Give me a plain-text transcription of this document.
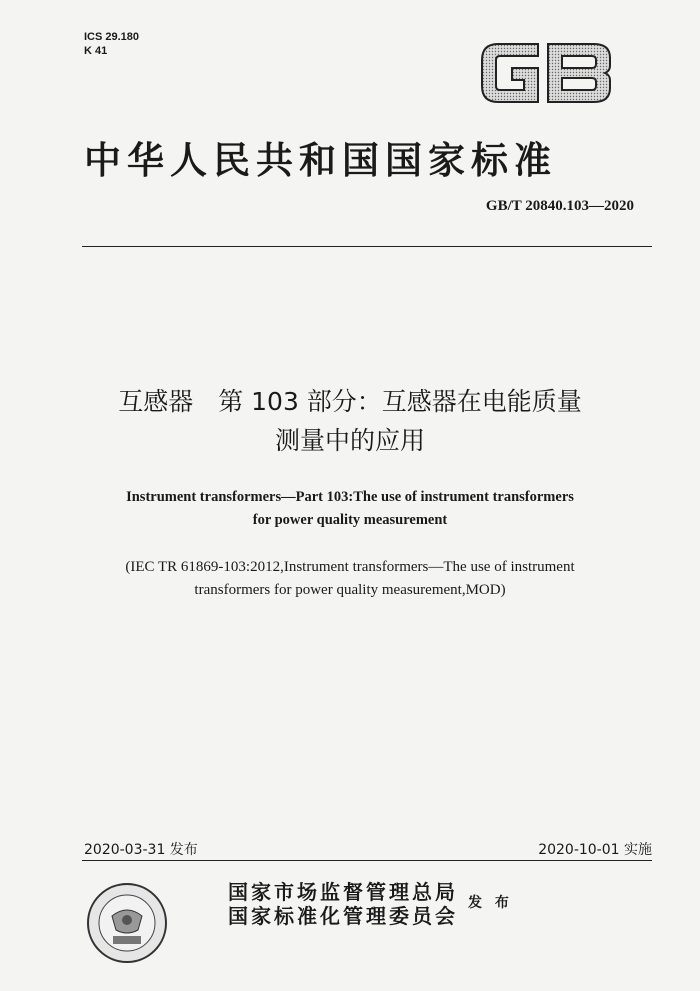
ICS 29.180
K 41
中华人民共和国国家标准
GB/T 20840.103—2020
互感器　第 103 部分：互感器在电能质量
测量中的应用
Instrument transformers—Part 103:The use of instrument transformers
for power quality measurement
(IEC TR 61869-103:2012,Instrument transformers—The use of instrument
transformers for power quality measurement,MOD)
2020-03-31 发布	2020-10-01 实施
国家市场监督管理总局
国家标准化管理委员会
发 布
